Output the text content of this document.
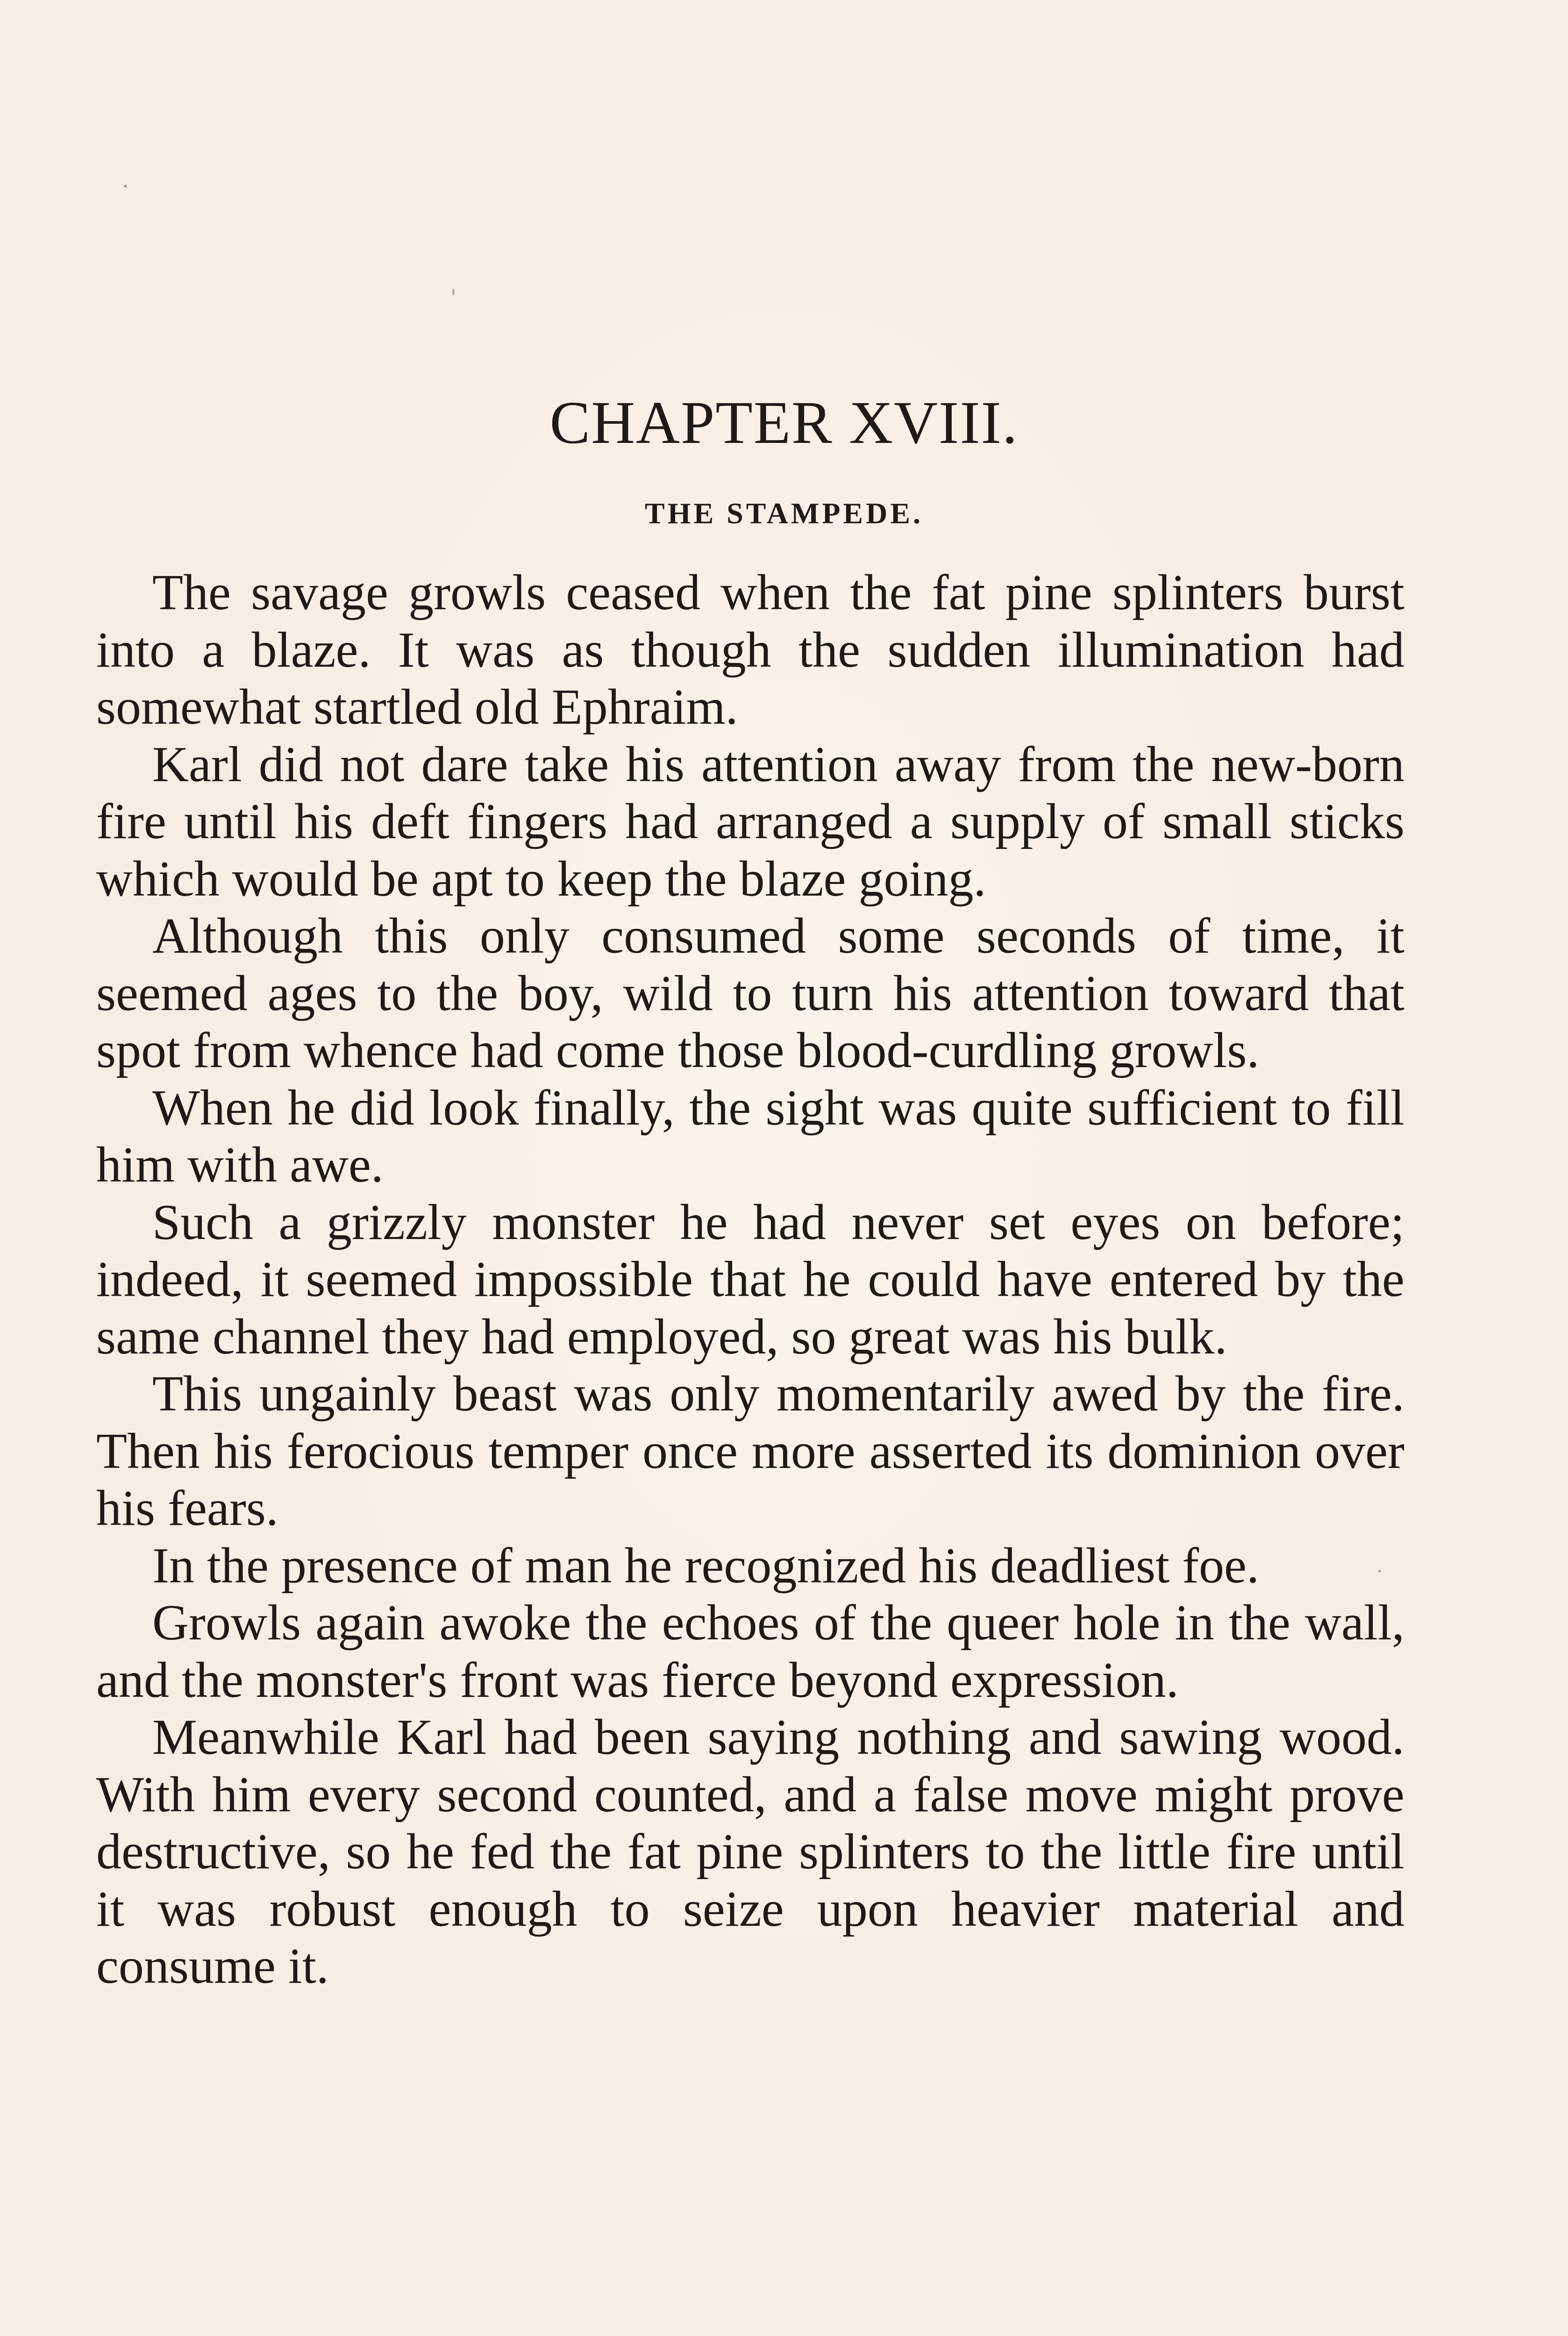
CHAPTER XVIII.
THE STAMPEDE.

The savage growls ceased when the fat pine splinters burst into a blaze. It was as though the sudden illumination had somewhat startled old Ephraim.

Karl did not dare take his attention away from the new-born fire until his deft fingers had arranged a supply of small sticks which would be apt to keep the blaze going.

Although this only consumed some seconds of time, it seemed ages to the boy, wild to turn his attention toward that spot from whence had come those blood-curdling growls.

When he did look finally, the sight was quite sufficient to fill him with awe.

Such a grizzly monster he had never set eyes on before; indeed, it seemed impossible that he could have entered by the same channel they had employed, so great was his bulk.

This ungainly beast was only momentarily awed by the fire. Then his ferocious temper once more asserted its dominion over his fears.

In the presence of man he recognized his deadliest foe.

Growls again awoke the echoes of the queer hole in the wall, and the monster's front was fierce beyond expression.

Meanwhile Karl had been saying nothing and sawing wood. With him every second counted, and a false move might prove destructive, so he fed the fat pine splinters to the little fire until it was robust enough to seize upon heavier material and consume it.
